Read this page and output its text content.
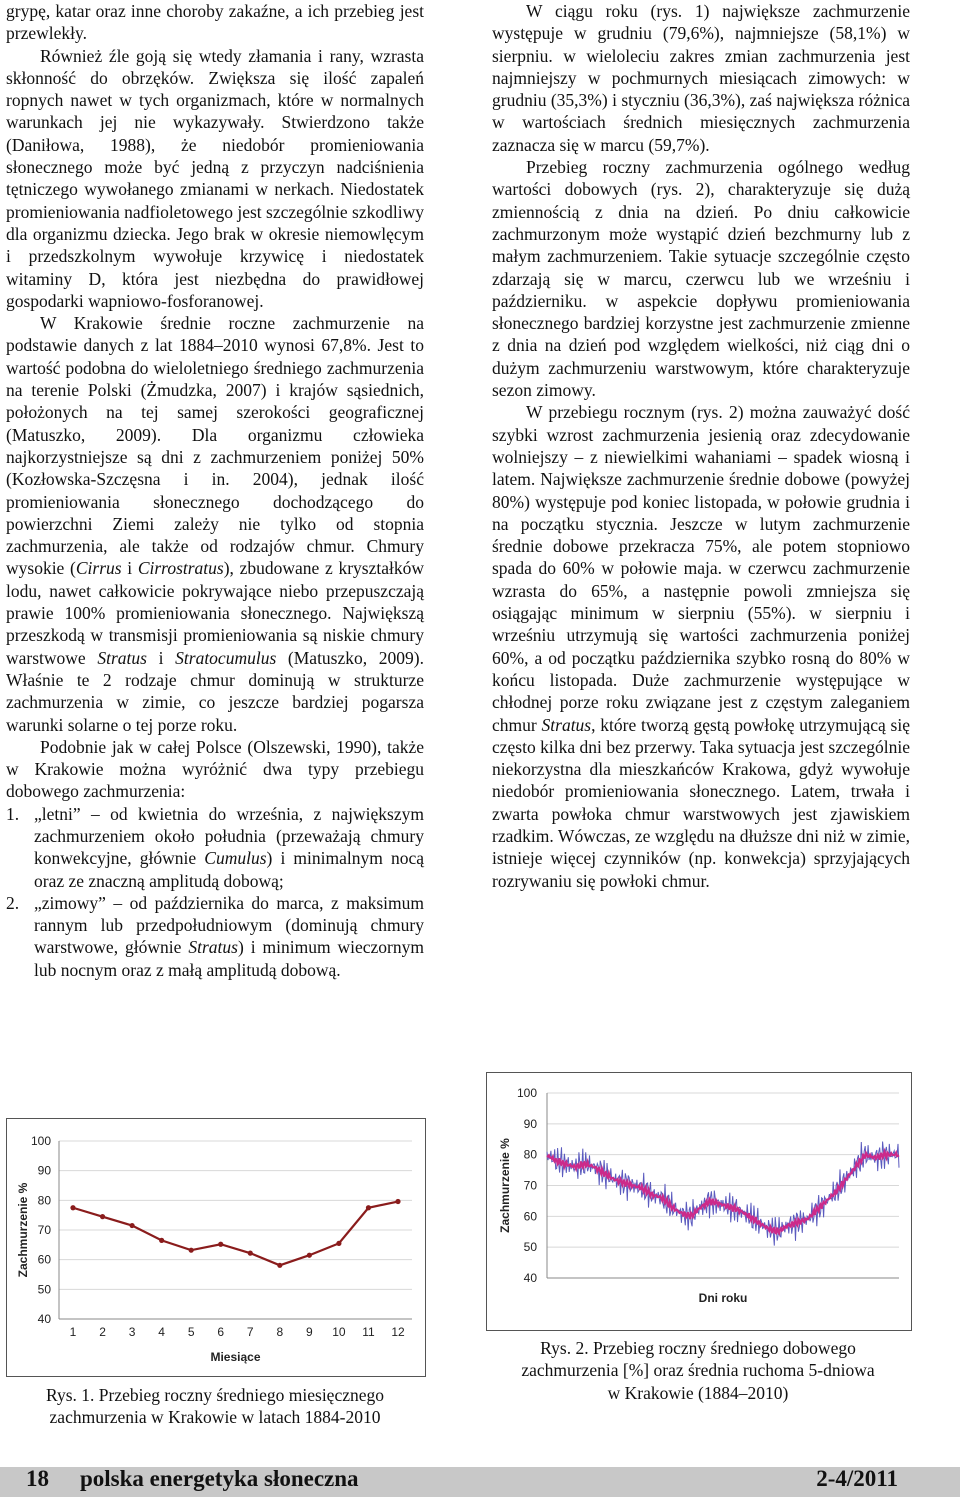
grypę, katar oraz inne choroby zakaźne, a ich przebieg jest przewlekły.

Również źle goją się wtedy złamania i rany, wzrasta skłonność do obrzęków. Zwiększa się ilość zapaleń ropnych nawet w tych organizmach, które w normalnych warunkach jej nie wykazywały. Stwierdzono także (Daniłowa, 1988), że niedobór promieniowania słonecznego może być jedną z przyczyn nadciśnienia tętniczego wywołanego zmianami w nerkach. Niedostatek promieniowania nadfioletowego jest szczególnie szkodliwy dla organizmu dziecka. Jego brak w okresie niemowlęcym i przedszkolnym wywołuje krzywicę i niedostatek witaminy D, która jest niezbędna do prawidłowej gospodarki wapniowo-fosforanowej.

W Krakowie średnie roczne zachmurzenie na podstawie danych z lat 1884–2010 wynosi 67,8%. Jest to wartość podobna do wieloletniego średniego zachmurzenia na terenie Polski (Żmudzka, 2007) i krajów sąsiednich, położonych na tej samej szerokości geograficznej (Matuszko, 2009). Dla organizmu człowieka najkorzystniejsze są dni z zachmurzeniem poniżej 50% (Kozłowska-Szczęsna i in. 2004), jednak ilość promieniowania słonecznego dochodzącego do powierzchni Ziemi zależy nie tylko od stopnia zachmurzenia, ale także od rodzajów chmur. Chmury wysokie (Cirrus i Cirrostratus), zbudowane z kryształków lodu, nawet całkowicie pokrywające niebo przepuszczają prawie 100% promieniowania słonecznego. Największą przeszkodą w transmisji promieniowania są niskie chmury warstwowe Stratus i Stratocumulus (Matuszko, 2009). Właśnie te 2 rodzaje chmur dominują w strukturze zachmurzenia w zimie, co jeszcze bardziej pogarsza warunki solarne o tej porze roku.

Podobnie jak w całej Polsce (Olszewski, 1990), także w Krakowie można wyróżnić dwa typy przebiegu dobowego zachmurzenia:

1. „letni” – od kwietnia do września, z największym zachmurzeniem około południa (przeważają chmury konwekcyjne, głównie Cumulus) i minimalnym nocą oraz ze znaczną amplitudą dobową;
2. „zimowy” – od października do marca, z maksimum rannym lub przedpołudniowym (dominują chmury warstwowe, głównie Stratus) i minimum wieczornym lub nocnym oraz z małą amplitudą dobową.

W ciągu roku (rys. 1) największe zachmurzenie występuje w grudniu (79,6%), najmniejsze (58,1%) w sierpniu. w wieloleciu zakres zmian zachmurzenia jest najmniejszy w pochmurnych miesiącach zimowych: w grudniu (35,3%) i styczniu (36,3%), zaś największa różnica w wartościach średnich miesięcznych zachmurzenia zaznacza się w marcu (59,7%).

Przebieg roczny zachmurzenia ogólnego według wartości dobowych (rys. 2), charakteryzuje się dużą zmiennością z dnia na dzień. Po dniu całkowicie zachmurzonym może wystąpić dzień bezchmurny lub z małym zachmurzeniem. Takie sytuacje szczególnie często zdarzają się w marcu, czerwcu lub we wrześniu i październiku. w aspekcie dopływu promieniowania słonecznego bardziej korzystne jest zachmurzenie zmienne z dnia na dzień pod względem wielkości, niż ciąg dni o dużym zachmurzeniu warstwowym, które charakteryzuje sezon zimowy.

W przebiegu rocznym (rys. 2) można zauważyć dość szybki wzrost zachmurzenia jesienią oraz zdecydowanie wolniejszy – z niewielkimi wahaniami – spadek wiosną i latem. Największe zachmurzenie średnie dobowe (powyżej 80%) występuje pod koniec listopada, w połowie grudnia i na początku stycznia. Jeszcze w lutym zachmurzenie średnie dobowe przekracza 75%, ale potem stopniowo spada do 60% w połowie maja. w czerwcu zachmurzenie wzrasta do 65%, a następnie powoli zmniejsza się osiągając minimum w sierpniu (55%). w sierpniu i wrześniu utrzymują się wartości zachmurzenia poniżej 60%, a od początku października szybko rosną do 80% w końcu listopada. Duże zachmurzenie występujące w chłodnej porze roku związane jest z częstym zaleganiem chmur Stratus, które tworzą gęstą powłokę utrzymującą się często kilka dni bez przerwy. Taka sytuacja jest szczególnie niekorzystna dla mieszkańców Krakowa, gdyż wywołuje niedobór promieniowania słonecznego. Latem, trwała i zwarta powłoka chmur warstwowych jest zjawiskiem rzadkim. Wówczas, ze względu na dłuższe dni niż w zimie, istnieje więcej czynników (np. konwekcja) sprzyjających rozrywaniu się powłoki chmur.

40
50
60
70
80
90
100
1 2 3 4 5 6 7 8 9 10 11 12
Miesiące
Zachmurzenie %
Rys. 1. Przebieg roczny średniego miesięcznego
zachmurzenia w Krakowie w latach 1884-2010
40
50
60
70
80
90
100
Dni roku
Zachmurzenie %
Rys. 2. Przebieg roczny średniego dobowego
zachmurzenia [%] oraz średnia ruchoma 5-dniowa
w Krakowie (1884–2010)
18 polska energetyka słoneczna	2-4/2011
